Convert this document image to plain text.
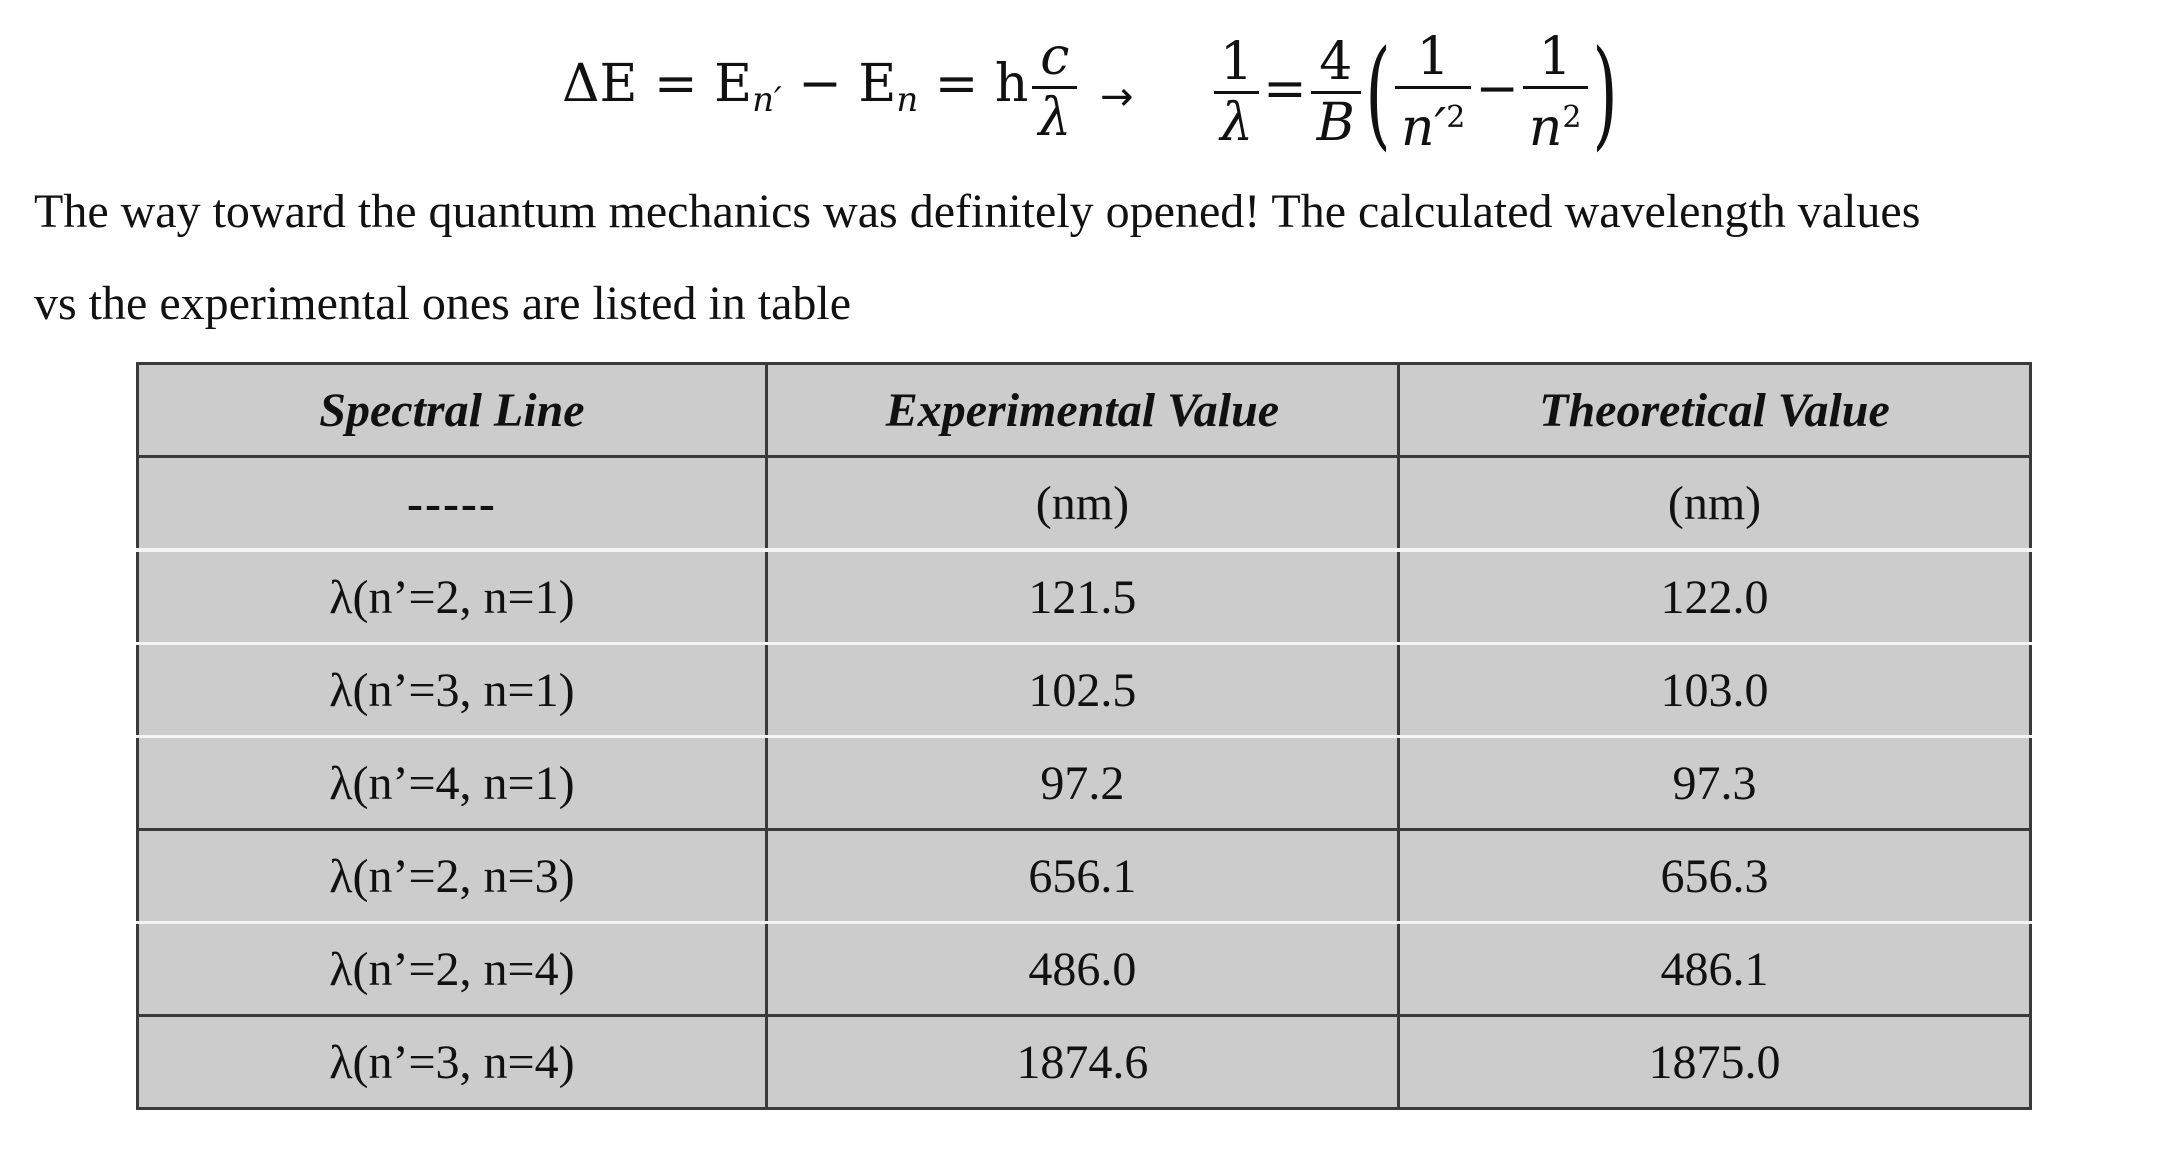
$\Delta E = E_{n'} - E_n = h \frac{c}{\lambda} \to \frac{1}{\lambda} = \frac{4}{B}$ ( $\frac{1}{n'^2} - \frac{1}{n^2}$ )
The way toward the quantum mechanics was definitely opened! The calculated wavelength values
vs the experimental ones are listed in table
Spectral Line	Experimental Value	Theoretical Value
-----	(nm)	(nm)
λ(n’=2, n=1)	121.5	122.0
λ(n’=3, n=1)	102.5	103.0
λ(n’=4, n=1)	97.2	97.3
λ(n’=2, n=3)	656.1	656.3
λ(n’=2, n=4)	486.0	486.1
λ(n’=3, n=4)	1874.6	1875.0
